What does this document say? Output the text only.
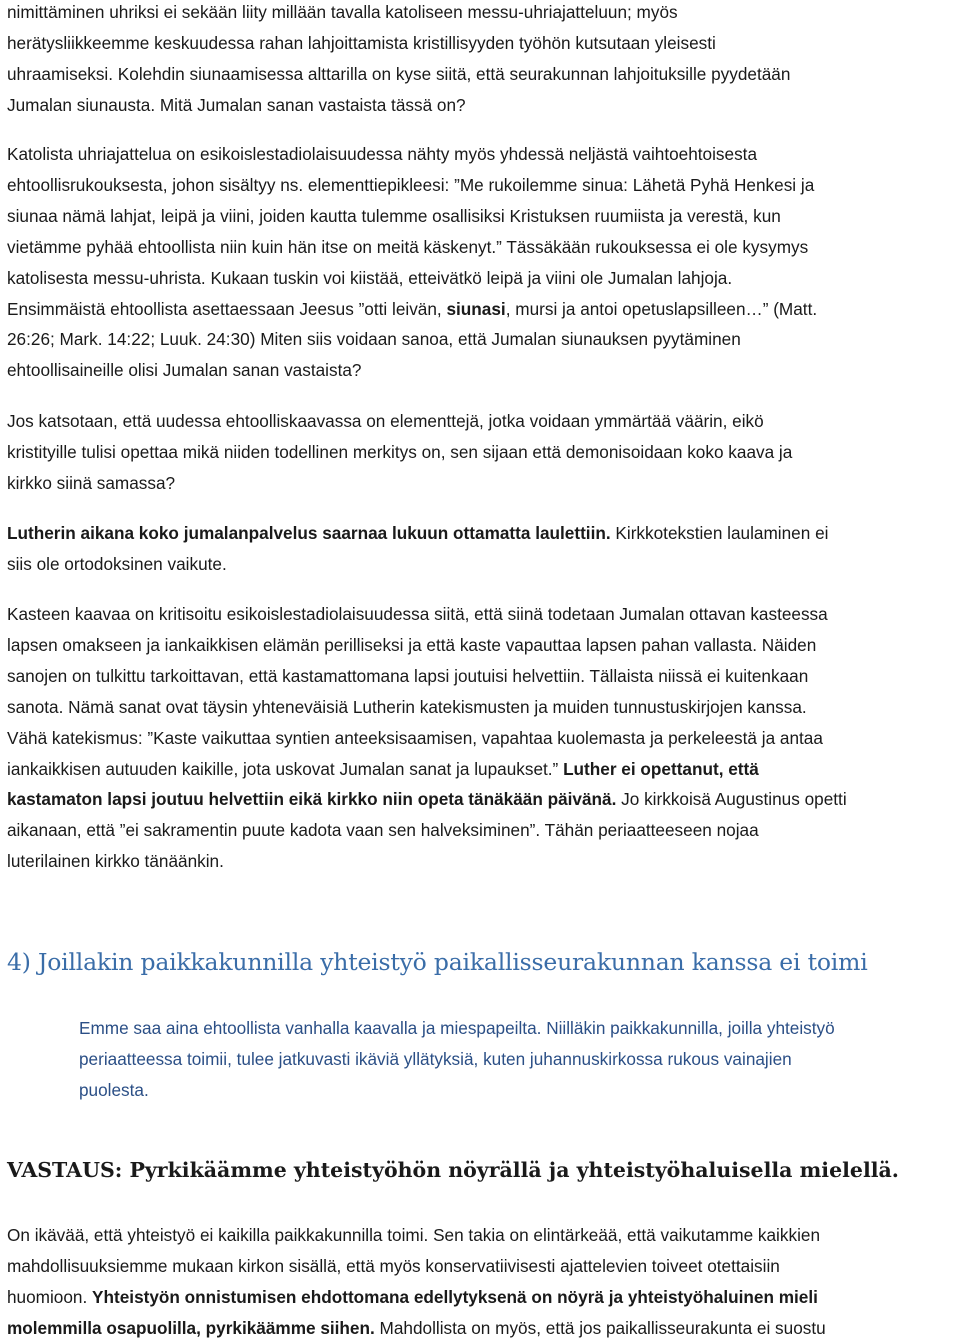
nimittäminen uhriksi ei sekään liity millään tavalla katoliseen messu-uhriajatteluun; myös
herätysliikkeemme keskuudessa rahan lahjoittamista kristillisyyden työhön kutsutaan yleisesti
uhraamiseksi. Kolehdin siunaamisessa alttarilla on kyse siitä, että seurakunnan lahjoituksille pyydetään
Jumalan siunausta. Mitä Jumalan sanan vastaista tässä on?

Katolista uhriajattelua on esikoislestadiolaisuudessa nähty myös yhdessä neljästä vaihtoehtoisesta
ehtoollisrukouksesta, johon sisältyy ns. elementtiepikleesi: ”Me rukoilemme sinua: Lähetä Pyhä Henkesi ja
siunaa nämä lahjat, leipä ja viini, joiden kautta tulemme osallisiksi Kristuksen ruumiista ja verestä, kun
vietämme pyhää ehtoollista niin kuin hän itse on meitä käskenyt.” Tässäkään rukouksessa ei ole kysymys
katolisesta messu-uhrista. Kukaan tuskin voi kiistää, etteivätkö leipä ja viini ole Jumalan lahjoja.
Ensimmäistä ehtoollista asettaessaan Jeesus ”otti leivän, siunasi, mursi ja antoi opetuslapsilleen…” (Matt.
26:26; Mark. 14:22; Luuk. 24:30) Miten siis voidaan sanoa, että Jumalan siunauksen pyytäminen
ehtoollisaineille olisi Jumalan sanan vastaista?

Jos katsotaan, että uudessa ehtoolliskaavassa on elementtejä, jotka voidaan ymmärtää väärin, eikö
kristityille tulisi opettaa mikä niiden todellinen merkitys on, sen sijaan että demonisoidaan koko kaava ja
kirkko siinä samassa?

Lutherin aikana koko jumalanpalvelus saarnaa lukuun ottamatta laulettiin. Kirkkotekstien laulaminen ei
siis ole ortodoksinen vaikute.

Kasteen kaavaa on kritisoitu esikoislestadiolaisuudessa siitä, että siinä todetaan Jumalan ottavan kasteessa
lapsen omakseen ja iankaikkisen elämän perilliseksi ja että kaste vapauttaa lapsen pahan vallasta. Näiden
sanojen on tulkittu tarkoittavan, että kastamattomana lapsi joutuisi helvettiin. Tällaista niissä ei kuitenkaan
sanota. Nämä sanat ovat täysin yhteneväisiä Lutherin katekismusten ja muiden tunnustuskirjojen kanssa.
Vähä katekismus: ”Kaste vaikuttaa syntien anteeksisaamisen, vapahtaa kuolemasta ja perkeleestä ja antaa
iankaikkisen autuuden kaikille, jota uskovat Jumalan sanat ja lupaukset.” Luther ei opettanut, että
kastamaton lapsi joutuu helvettiin eikä kirkko niin opeta tänäkään päivänä. Jo kirkkoisä Augustinus opetti
aikanaan, että ”ei sakramentin puute kadota vaan sen halveksiminen”. Tähän periaatteeseen nojaa
luterilainen kirkko tänäänkin.

4) Joillakin paikkakunnilla yhteistyö paikallisseurakunnan kanssa ei toimi

Emme saa aina ehtoollista vanhalla kaavalla ja miespapeilta. Niilläkin paikkakunnilla, joilla yhteistyö
periaatteessa toimii, tulee jatkuvasti ikäviä yllätyksiä, kuten juhannuskirkossa rukous vainajien
puolesta.

VASTAUS: Pyrkikäämme yhteistyöhön nöyrällä ja yhteistyöhaluisella mielellä.

On ikävää, että yhteistyö ei kaikilla paikkakunnilla toimi. Sen takia on elintärkeää, että vaikutamme kaikkien
mahdollisuuksiemme mukaan kirkon sisällä, että myös konservatiivisesti ajattelevien toiveet otettaisiin
huomioon. Yhteistyön onnistumisen ehdottomana edellytyksenä on nöyrä ja yhteistyöhaluinen mieli
molemmilla osapuolilla, pyrkikäämme siihen. Mahdollista on myös, että jos paikallisseurakunta ei suostu
